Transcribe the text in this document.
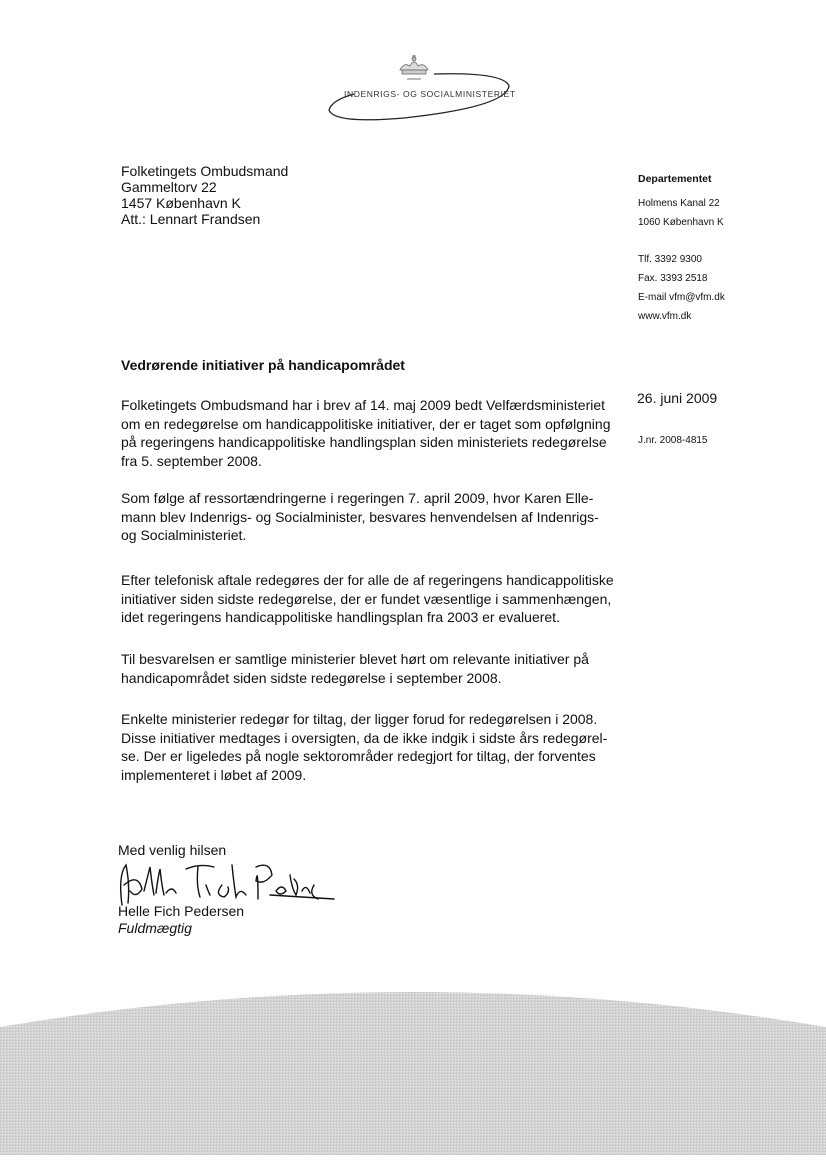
INDENRIGS- OG SOCIALMINISTERIET
Folketingets Ombudsmand
Gammeltorv 22
1457 København K
Att.: Lennart Frandsen
Departementet
Holmens Kanal 22
1060 København K
Tlf. 3392 9300
Fax. 3393 2518
E-mail vfm@vfm.dk
www.vfm.dk
26. juni 2009
J.nr. 2008-4815
Vedrørende initiativer på handicapområdet
Folketingets Ombudsmand har i brev af 14. maj 2009 bedt Velfærdsministeriet
om en redegørelse om handicappolitiske initiativer, der er taget som opfølgning
på regeringens handicappolitiske handlingsplan siden ministeriets redegørelse
fra 5. september 2008.
Som følge af ressortændringerne i regeringen 7. april 2009, hvor Karen Elle-
mann blev Indenrigs- og Socialminister, besvares henvendelsen af Indenrigs-
og Socialministeriet.
Efter telefonisk aftale redegøres der for alle de af regeringens handicappolitiske
initiativer siden sidste redegørelse, der er fundet væsentlige i sammenhængen,
idet regeringens handicappolitiske handlingsplan fra 2003 er evalueret.
Til besvarelsen er samtlige ministerier blevet hørt om relevante initiativer på
handicapområdet siden sidste redegørelse i september 2008.
Enkelte ministerier redegør for tiltag, der ligger forud for redegørelsen i 2008.
Disse initiativer medtages i oversigten, da de ikke indgik i sidste års redegørel-
se. Der er ligeledes på nogle sektorområder redegjort for tiltag, der forventes
implementeret i løbet af 2009.
Med venlig hilsen
Helle Fich Pedersen
Fuldmægtig
